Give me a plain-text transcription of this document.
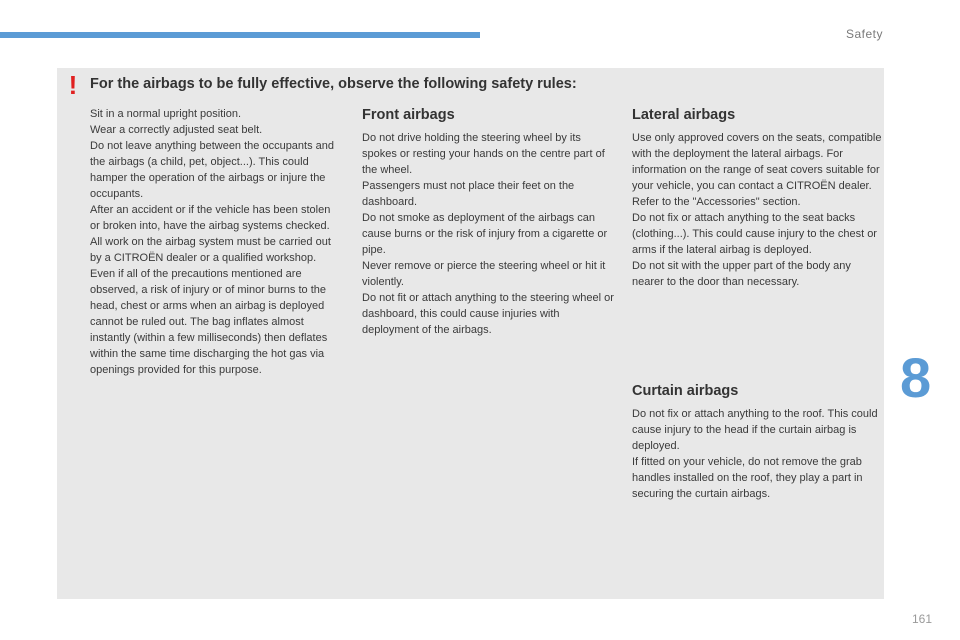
Safety
! For the airbags to be fully effective, observe the following safety rules:

Sit in a normal upright position.

Wear a correctly adjusted seat belt.

Do not leave anything between the occupants and the airbags (a child, pet, object...). This could hamper the operation of the airbags or injure the occupants.

After an accident or if the vehicle has been stolen or broken into, have the airbag systems checked.

All work on the airbag system must be carried out by a CITROËN dealer or a qualified workshop.

Even if all of the precautions mentioned are observed, a risk of injury or of minor burns to the head, chest or arms when an airbag is deployed cannot be ruled out. The bag inflates almost instantly (within a few milliseconds) then deflates within the same time discharging the hot gas via openings provided for this purpose.

Front airbags

Do not drive holding the steering wheel by its spokes or resting your hands on the centre part of the wheel.

Passengers must not place their feet on the dashboard.

Do not smoke as deployment of the airbags can cause burns or the risk of injury from a cigarette or pipe.

Never remove or pierce the steering wheel or hit it violently.

Do not fit or attach anything to the steering wheel or dashboard, this could cause injuries with deployment of the airbags.

Lateral airbags

Use only approved covers on the seats, compatible with the deployment the lateral airbags. For information on the range of seat covers suitable for your vehicle, you can contact a CITROËN dealer.

Refer to the "Accessories" section.

Do not fix or attach anything to the seat backs (clothing...). This could cause injury to the chest or arms if the lateral airbag is deployed.

Do not sit with the upper part of the body any nearer to the door than necessary.

Curtain airbags

Do not fix or attach anything to the roof. This could cause injury to the head if the curtain airbag is deployed.

If fitted on your vehicle, do not remove the grab handles installed on the roof, they play a part in securing the curtain airbags.

8
161
